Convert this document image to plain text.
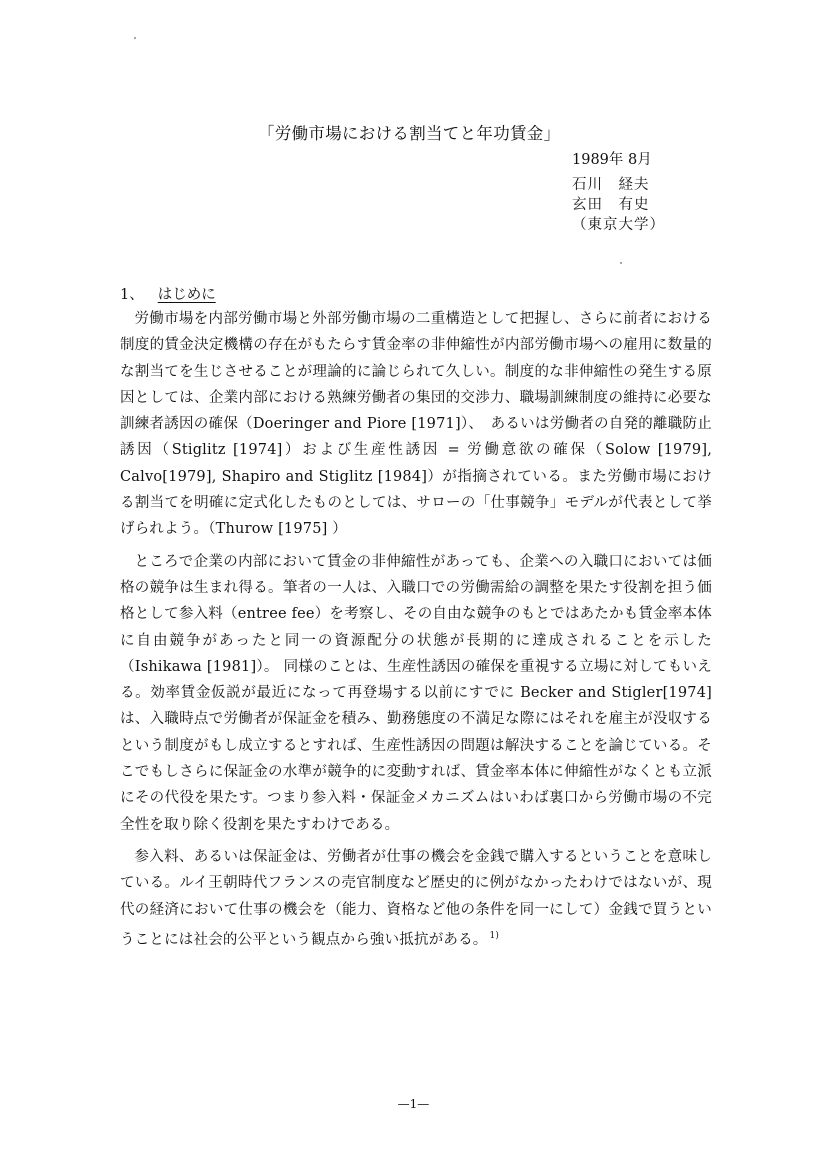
「労働市場における割当てと年功賃金」
1989年 8月
石川　経夫
玄田　有史
（東京大学）
1、 はじめに

労働市場を内部労働市場と外部労働市場の二重構造として把握し、さらに前者における制度的賃金決定機構の存在がもたらす賃金率の非伸縮性が内部労働市場への雇用に数量的な割当てを生じさせることが理論的に論じられて久しい。制度的な非伸縮性の発生する原因としては、企業内部における熟練労働者の集団的交渉力、職場訓練制度の維持に必要な訓練者誘因の確保（Doeringer and Piore [1971]）、　あるいは労働者の自発的離職防止誘因（Stiglitz [1974]）および生産性誘因 = 労働意欲の確保（Solow [1979], Calvo[1979], Shapiro and Stiglitz [1984]）が指摘されている。また労働市場における割当てを明確に定式化したものとしては、サローの「仕事競争」モデルが代表として挙げられよう。（Thurow [1975] ）

ところで企業の内部において賃金の非伸縮性があっても、企業への入職口においては価格の競争は生まれ得る。筆者の一人は、入職口での労働需給の調整を果たす役割を担う価格として参入料（entree fee）を考察し、その自由な競争のもとではあたかも賃金率本体に自由競争があったと同一の資源配分の状態が長期的に達成されることを示した（Ishikawa [1981]）。 同様のことは、生産性誘因の確保を重視する立場に対してもいえる。効率賃金仮説が最近になって再登場する以前にすでに Becker and Stigler[1974] は、入職時点で労働者が保証金を積み、勤務態度の不満足な際にはそれを雇主が没収するという制度がもし成立するとすれば、生産性誘因の問題は解決することを論じている。そこでもしさらに保証金の水準が競争的に変動すれば、賃金率本体に伸縮性がなくとも立派にその代役を果たす。つまり参入料・保証金メカニズムはいわば裏口から労働市場の不完全性を取り除く役割を果たすわけである。

参入料、あるいは保証金は、労働者が仕事の機会を金銭で購入するということを意味している。ルイ王朝時代フランスの売官制度など歴史的に例がなかったわけではないが、現代の経済において仕事の機会を（能力、資格など他の条件を同一にして）金銭で買うということには社会的公平という観点から強い抵抗がある。 $^{1)}$

—1—
